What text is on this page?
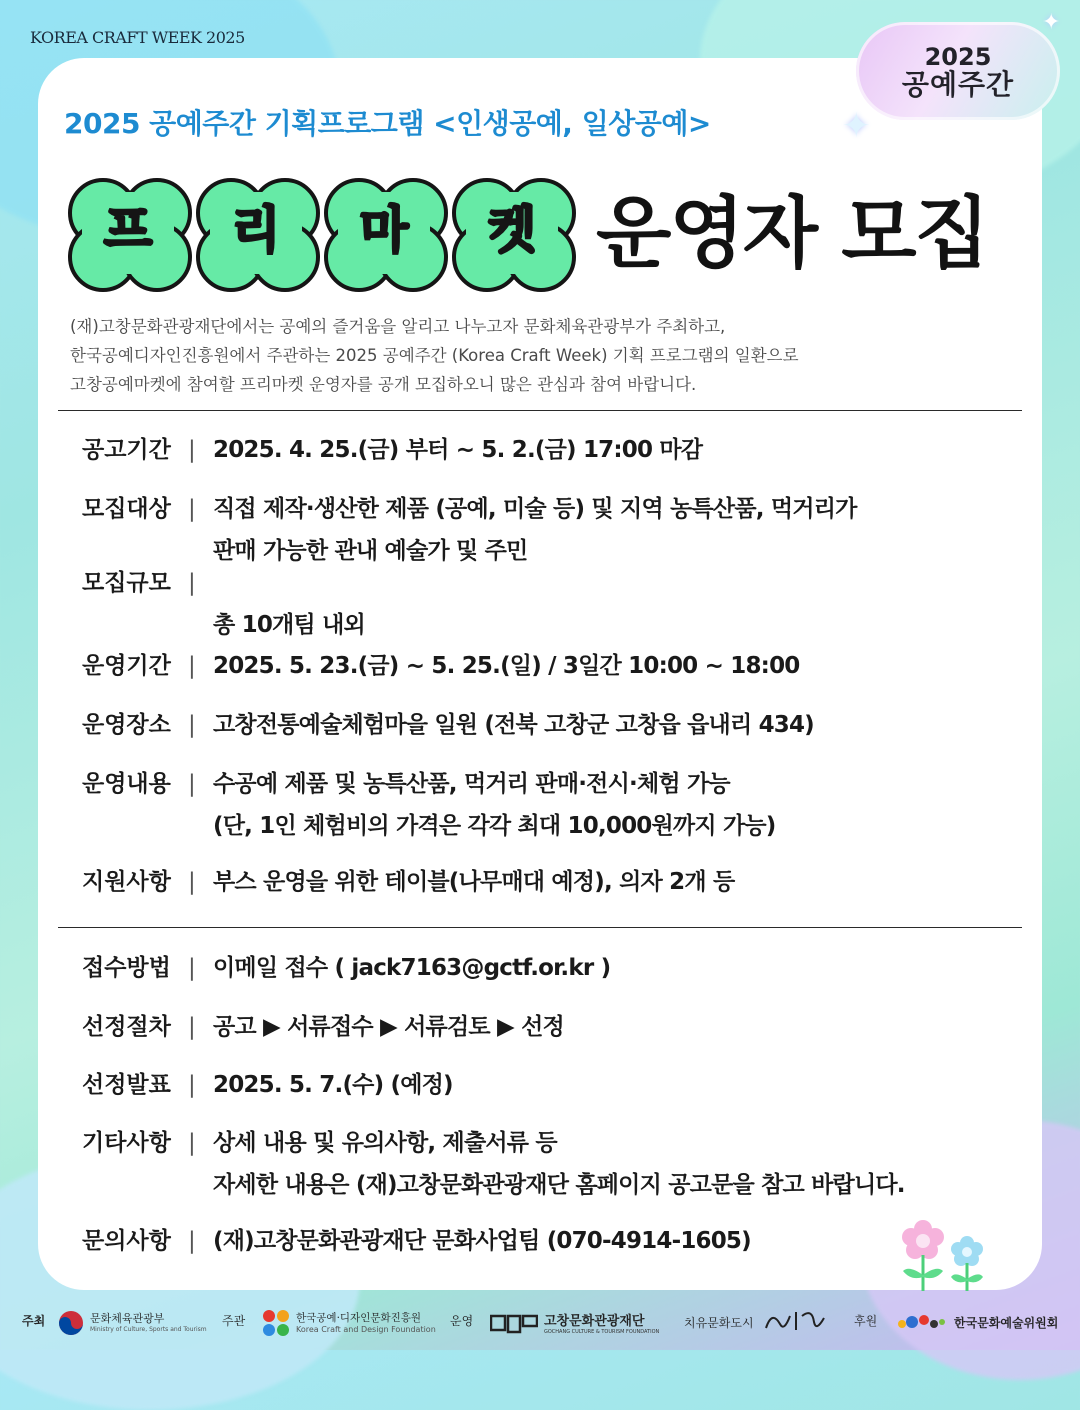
KOREA CRAFT WEEK 2025
2025
공예주간
✦
✦
2025 공예주간 기획프로그램 <인생공예, 일상공예>
프	리	마	켓 운영자 모집
(재)고창문화관광재단에서는 공예의 즐거움을 알리고 나누고자 문화체육관광부가 주최하고,
한국공예디자인진흥원에서 주관하는 2025 공예주간 (Korea Craft Week) 기획 프로그램의 일환으로
고창공예마켓에 참여할 프리마켓 운영자를 공개 모집하오니 많은 관심과 참여 바랍니다.
공고기간 | 2025. 4. 25.(금) 부터 ~ 5. 2.(금) 17:00 마감
모집대상 | 직접 제작·생산한 제품 (공예, 미술 등) 및 지역 농특산품, 먹거리가
판매 가능한 관내 예술가 및 주민
모집규모 |
총 10개팀 내외
운영기간 | 2025. 5. 23.(금) ~ 5. 25.(일) / 3일간 10:00 ~ 18:00
운영장소 | 고창전통예술체험마을 일원 (전북 고창군 고창읍 읍내리 434)
운영내용 | 수공예 제품 및 농특산품, 먹거리 판매·전시·체험 가능
(단, 1인 체험비의 가격은 각각 최대 10,000원까지 가능)
지원사항 | 부스 운영을 위한 테이블(나무매대 예정), 의자 2개 등
접수방법 | 이메일 접수 ( jack7163@gctf.or.kr )
선정절차 | 공고 ▶ 서류접수 ▶ 서류검토 ▶ 선정
선정발표 | 2025. 5. 7.(수) (예정)
기타사항 | 상세 내용 및 유의사항, 제출서류 등
자세한 내용은 (재)고창문화관광재단 홈페이지 공고문을 참고 바랍니다.
문의사항 | (재)고창문화관광재단 문화사업팀 (070-4914-1605)
주최	문화체육관광부
Ministry of Culture, Sports and Tourism
주관	한국공예·디자인문화진흥원
Korea Craft and Design Foundation
운영	고창문화관광재단
GOCHANG CULTURE & TOURISM FOUNDATION
치유문화도시	후원	한국문화예술위원회
